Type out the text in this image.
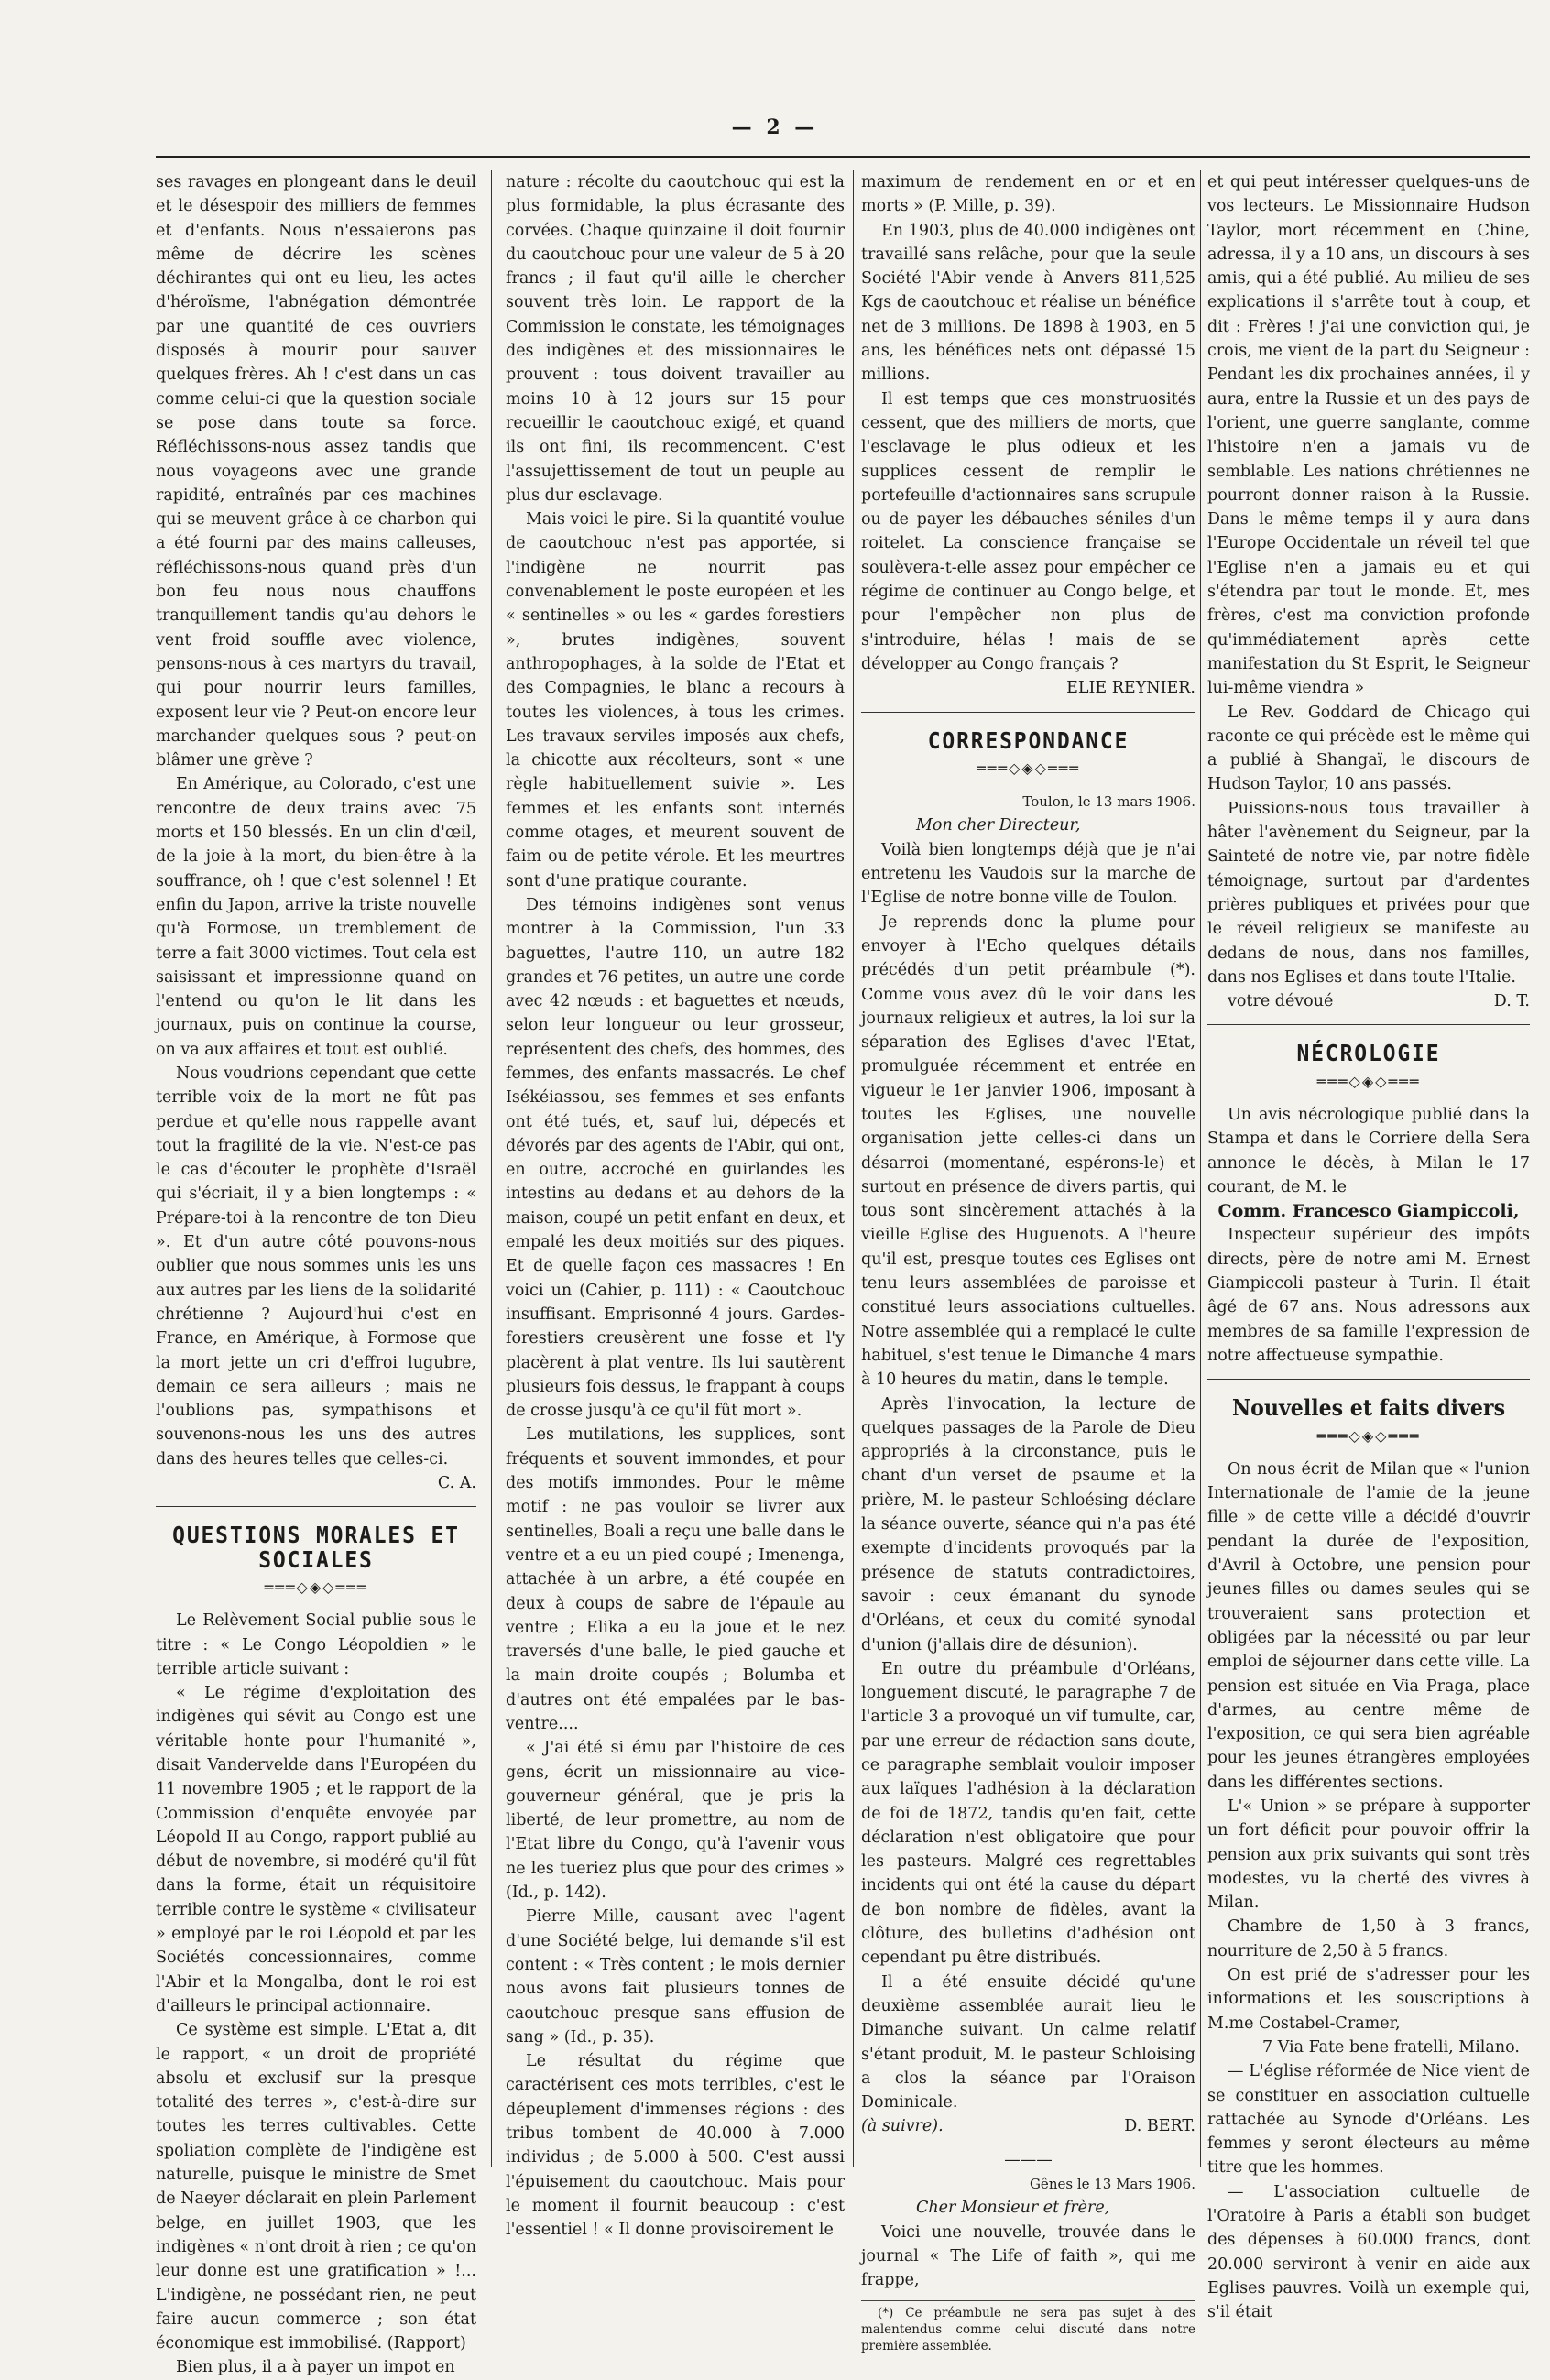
— 2 —

ses ravages en plongeant dans le deuil et le désespoir des milliers de femmes et d'enfants. Nous n'essaierons pas même de décrire les scènes déchirantes qui ont eu lieu, les actes d'héroïsme, l'abnégation démontrée par une quantité de ces ouvriers disposés à mourir pour sauver quelques frères. Ah ! c'est dans un cas comme celui-ci que la question sociale se pose dans toute sa force. Réfléchissons-nous assez tandis que nous voyageons avec une grande rapidité, entraînés par ces machines qui se meuvent grâce à ce charbon qui a été fourni par des mains calleuses, réfléchissons-nous quand près d'un bon feu nous nous chauffons tranquillement tandis qu'au dehors le vent froid souffle avec violence, pensons-nous à ces martyrs du travail, qui pour nourrir leurs familles, exposent leur vie ? Peut-on encore leur marchander quelques sous ? peut-on blâmer une grève ?

En Amérique, au Colorado, c'est une rencontre de deux trains avec 75 morts et 150 blessés. En un clin d'œil, de la joie à la mort, du bien-être à la souffrance, oh ! que c'est solennel ! Et enfin du Japon, arrive la triste nouvelle qu'à Formose, un tremblement de terre a fait 3000 victimes. Tout cela est saisissant et impressionne quand on l'entend ou qu'on le lit dans les journaux, puis on continue la course, on va aux affaires et tout est oublié.

Nous voudrions cependant que cette terrible voix de la mort ne fût pas perdue et qu'elle nous rappelle avant tout la fragilité de la vie. N'est-ce pas le cas d'écouter le prophète d'Israël qui s'écriait, il y a bien longtemps : « Prépare-toi à la rencontre de ton Dieu ». Et d'un autre côté pouvons-nous oublier que nous sommes unis les uns aux autres par les liens de la solidarité chrétienne ? Aujourd'hui c'est en France, en Amérique, à Formose que la mort jette un cri d'effroi lugubre, demain ce sera ailleurs ; mais ne l'oublions pas, sympathisons et souvenons-nous les uns des autres dans des heures telles que celles-ci.

C. A.

QUESTIONS MORALES ET SOCIALES

═══◇◈◇═══

Le Relèvement Social publie sous le titre : « Le Congo Léopoldien » le terrible article suivant :

« Le régime d'exploitation des indigènes qui sévit au Congo est une véritable honte pour l'humanité », disait Vandervelde dans l'Européen du 11 novembre 1905 ; et le rapport de la Commission d'enquête envoyée par Léopold II au Congo, rapport publié au début de novembre, si modéré qu'il fût dans la forme, était un réquisitoire terrible contre le système « civilisateur » employé par le roi Léopold et par les Sociétés concessionnaires, comme l'Abir et la Mongalba, dont le roi est d'ailleurs le principal actionnaire.

Ce système est simple. L'Etat a, dit le rapport, « un droit de propriété absolu et exclusif sur la presque totalité des terres », c'est-à-dire sur toutes les terres cultivables. Cette spoliation complète de l'indigène est naturelle, puisque le ministre de Smet de Naeyer déclarait en plein Parlement belge, en juillet 1903, que les indigènes « n'ont droit à rien ; ce qu'on leur donne est une gratification » !... L'indigène, ne possédant rien, ne peut faire aucun commerce ; son état économique est immobilisé. (Rapport)

Bien plus, il a à payer un impot en

nature : récolte du caoutchouc qui est la plus formidable, la plus écrasante des corvées. Chaque quinzaine il doit fournir du caoutchouc pour une valeur de 5 à 20 francs ; il faut qu'il aille le chercher souvent très loin. Le rapport de la Commission le constate, les témoignages des indigènes et des missionnaires le prouvent : tous doivent travailler au moins 10 à 12 jours sur 15 pour recueillir le caoutchouc exigé, et quand ils ont fini, ils recommencent. C'est l'assujettissement de tout un peuple au plus dur esclavage.

Mais voici le pire. Si la quantité voulue de caoutchouc n'est pas apportée, si l'indigène ne nourrit pas convenablement le poste européen et les « sentinelles » ou les « gardes forestiers », brutes indigènes, souvent anthropophages, à la solde de l'Etat et des Compagnies, le blanc a recours à toutes les violences, à tous les crimes. Les travaux serviles imposés aux chefs, la chicotte aux récolteurs, sont « une règle habituellement suivie ». Les femmes et les enfants sont internés comme otages, et meurent souvent de faim ou de petite vérole. Et les meurtres sont d'une pratique courante.

Des témoins indigènes sont venus montrer à la Commission, l'un 33 baguettes, l'autre 110, un autre 182 grandes et 76 petites, un autre une corde avec 42 nœuds : et baguettes et nœuds, selon leur longueur ou leur grosseur, représentent des chefs, des hommes, des femmes, des enfants massacrés. Le chef Isékéiassou, ses femmes et ses enfants ont été tués, et, sauf lui, dépecés et dévorés par des agents de l'Abir, qui ont, en outre, accroché en guirlandes les intestins au dedans et au dehors de la maison, coupé un petit enfant en deux, et empalé les deux moitiés sur des piques. Et de quelle façon ces massacres ! En voici un (Cahier, p. 111) : « Caoutchouc insuffisant. Emprisonné 4 jours. Gardes-forestiers creusèrent une fosse et l'y placèrent à plat ventre. Ils lui sautèrent plusieurs fois dessus, le frappant à coups de crosse jusqu'à ce qu'il fût mort ».

Les mutilations, les supplices, sont fréquents et souvent immondes, et pour des motifs immondes. Pour le même motif : ne pas vouloir se livrer aux sentinelles, Boali a reçu une balle dans le ventre et a eu un pied coupé ; Imenenga, attachée à un arbre, a été coupée en deux à coups de sabre de l'épaule au ventre ; Elika a eu la joue et le nez traversés d'une balle, le pied gauche et la main droite coupés ; Bolumba et d'autres ont été empalées par le bas-ventre....

« J'ai été si ému par l'histoire de ces gens, écrit un missionnaire au vice-gouverneur général, que je pris la liberté, de leur promettre, au nom de l'Etat libre du Congo, qu'à l'avenir vous ne les tueriez plus que pour des crimes » (Id., p. 142).

Pierre Mille, causant avec l'agent d'une Société belge, lui demande s'il est content : « Très content ; le mois dernier nous avons fait plusieurs tonnes de caoutchouc presque sans effusion de sang » (Id., p. 35).

Le résultat du régime que caractérisent ces mots terribles, c'est le dépeuplement d'immenses régions : des tribus tombent de 40.000 à 7.000 individus ; de 5.000 à 500. C'est aussi l'épuisement du caoutchouc. Mais pour le moment il fournit beaucoup : c'est l'essentiel ! « Il donne provisoirement le

maximum de rendement en or et en morts » (P. Mille, p. 39).

En 1903, plus de 40.000 indigènes ont travaillé sans relâche, pour que la seule Société l'Abir vende à Anvers 811,525 Kgs de caoutchouc et réalise un bénéfice net de 3 millions. De 1898 à 1903, en 5 ans, les bénéfices nets ont dépassé 15 millions.

Il est temps que ces monstruosités cessent, que des milliers de morts, que l'esclavage le plus odieux et les supplices cessent de remplir le portefeuille d'actionnaires sans scrupule ou de payer les débauches séniles d'un roitelet. La conscience française se soulèvera-t-elle assez pour empêcher ce régime de continuer au Congo belge, et pour l'empêcher non plus de s'introduire, hélas ! mais de se développer au Congo français ?

ELIE REYNIER.

CORRESPONDANCE

═══◇◈◇═══

Toulon, le 13 mars 1906.

Mon cher Directeur,

Voilà bien longtemps déjà que je n'ai entretenu les Vaudois sur la marche de l'Eglise de notre bonne ville de Toulon.

Je reprends donc la plume pour envoyer à l'Echo quelques détails précédés d'un petit préambule (*). Comme vous avez dû le voir dans les journaux religieux et autres, la loi sur la séparation des Eglises d'avec l'Etat, promulguée récemment et entrée en vigueur le 1er janvier 1906, imposant à toutes les Eglises, une nouvelle organisation jette celles-ci dans un désarroi (momentané, espérons-le) et surtout en présence de divers partis, qui tous sont sincèrement attachés à la vieille Eglise des Huguenots. A l'heure qu'il est, presque toutes ces Eglises ont tenu leurs assemblées de paroisse et constitué leurs associations cultuelles. Notre assemblée qui a remplacé le culte habituel, s'est tenue le Dimanche 4 mars à 10 heures du matin, dans le temple.

Après l'invocation, la lecture de quelques passages de la Parole de Dieu appropriés à la circonstance, puis le chant d'un verset de psaume et la prière, M. le pasteur Schloésing déclare la séance ouverte, séance qui n'a pas été exempte d'incidents provoqués par la présence de statuts contradictoires, savoir : ceux émanant du synode d'Orléans, et ceux du comité synodal d'union (j'allais dire de désunion).

En outre du préambule d'Orléans, longuement discuté, le paragraphe 7 de l'article 3 a provoqué un vif tumulte, car, par une erreur de rédaction sans doute, ce paragraphe semblait vouloir imposer aux laïques l'adhésion à la déclaration de foi de 1872, tandis qu'en fait, cette déclaration n'est obligatoire que pour les pasteurs. Malgré ces regrettables incidents qui ont été la cause du départ de bon nombre de fidèles, avant la clôture, des bulletins d'adhésion ont cependant pu être distribués.

Il a été ensuite décidé qu'une deuxième assemblée aurait lieu le Dimanche suivant. Un calme relatif s'étant produit, M. le pasteur Schloising a clos la séance par l'Oraison Dominicale.

(à suivre).	D. BERT.
———

Gênes le 13 Mars 1906.

Cher Monsieur et frère,

Voici une nouvelle, trouvée dans le journal « The Life of faith », qui me frappe,

(*) Ce préambule ne sera pas sujet à des malentendus comme celui discuté dans notre première assemblée.

et qui peut intéresser quelques-uns de vos lecteurs. Le Missionnaire Hudson Taylor, mort récemment en Chine, adressa, il y a 10 ans, un discours à ses amis, qui a été publié. Au milieu de ses explications il s'arrête tout à coup, et dit : Frères ! j'ai une conviction qui, je crois, me vient de la part du Seigneur : Pendant les dix prochaines années, il y aura, entre la Russie et un des pays de l'orient, une guerre sanglante, comme l'histoire n'en a jamais vu de semblable. Les nations chrétiennes ne pourront donner raison à la Russie. Dans le même temps il y aura dans l'Europe Occidentale un réveil tel que l'Eglise n'en a jamais eu et qui s'étendra par tout le monde. Et, mes frères, c'est ma conviction profonde qu'immédiatement après cette manifestation du St Esprit, le Seigneur lui-même viendra »

Le Rev. Goddard de Chicago qui raconte ce qui précède est le même qui a publié à Shangaï, le discours de Hudson Taylor, 10 ans passés.

Puissions-nous tous travailler à hâter l'avènement du Seigneur, par la Sainteté de notre vie, par notre fidèle témoignage, surtout par d'ardentes prières publiques et privées pour que le réveil religieux se manifeste au dedans de nous, dans nos familles, dans nos Eglises et dans toute l'Italie.

votre dévoué	D. T.

NÉCROLOGIE

═══◇◈◇═══

Un avis nécrologique publié dans la Stampa et dans le Corriere della Sera annonce le décès, à Milan le 17 courant, de M. le

Comm. Francesco Giampiccoli,

Inspecteur supérieur des impôts directs, père de notre ami M. Ernest Giampiccoli pasteur à Turin. Il était âgé de 67 ans. Nous adressons aux membres de sa famille l'expression de notre affectueuse sympathie.

Nouvelles et faits divers

═══◇◈◇═══

On nous écrit de Milan que « l'union Internationale de l'amie de la jeune fille » de cette ville a décidé d'ouvrir pendant la durée de l'exposition, d'Avril à Octobre, une pension pour jeunes filles ou dames seules qui se trouveraient sans protection et obligées par la nécessité ou par leur emploi de séjourner dans cette ville. La pension est située en Via Praga, place d'armes, au centre même de l'exposition, ce qui sera bien agréable pour les jeunes étrangères employées dans les différentes sections.

L'« Union » se prépare à supporter un fort déficit pour pouvoir offrir la pension aux prix suivants qui sont très modestes, vu la cherté des vivres à Milan.

Chambre de 1,50 à 3 francs, nourriture de 2,50 à 5 francs.

On est prié de s'adresser pour les informations et les souscriptions à M.me Costabel-Cramer,

7 Via Fate bene fratelli, Milano.

— L'église réformée de Nice vient de se constituer en association cultuelle rattachée au Synode d'Orléans. Les femmes y seront électeurs au même titre que les hommes.

— L'association cultuelle de l'Oratoire à Paris a établi son budget des dépenses à 60.000 francs, dont 20.000 serviront à venir en aide aux Eglises pauvres. Voilà un exemple qui, s'il était
